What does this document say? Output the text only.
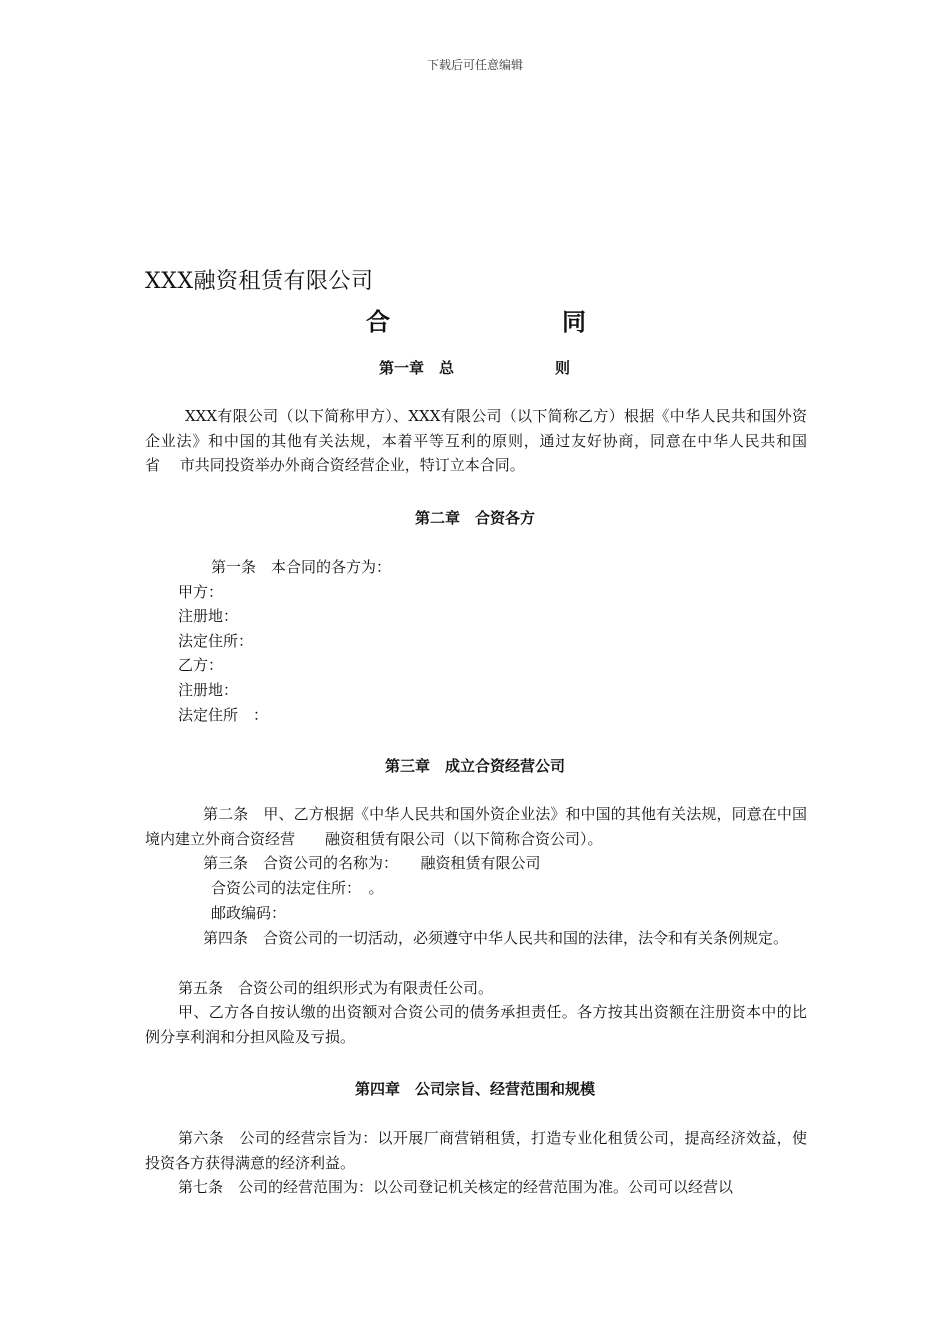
下载后可任意编辑
XXX融资租赁有限公司
合	同
第一章　总	则
XXX有限公司（以下简称甲方）、XXX有限公司（以下简称乙方）根据《中华人民共和国外资企业法》和中国的其他有关法规，本着平等互利的原则，通过友好协商，同意在中华人民共和国　　省　 市共同投资举办外商合资经营企业，特订立本合同。
第二章　合资各方
第一条　本合同的各方为：
甲方：
注册地：
法定住所：
乙方：
注册地：
法定住所　：
第三章　成立合资经营公司
第二条　甲、乙方根据《中华人民共和国外资企业法》和中国的其他有关法规，同意在中国境内建立外商合资经营　　融资租赁有限公司（以下简称合资公司）。
第三条　合资公司的名称为：　　融资租赁有限公司
合资公司的法定住所：　。
邮政编码：
第四条　合资公司的一切活动，必须遵守中华人民共和国的法律，法令和有关条例规定。
第五条　合资公司的组织形式为有限责任公司。
甲、乙方各自按认缴的出资额对合资公司的债务承担责任。各方按其出资额在注册资本中的比例分享利润和分担风险及亏损。
第四章　公司宗旨、经营范围和规模
第六条　公司的经营宗旨为：以开展厂商营销租赁，打造专业化租赁公司，提高经济效益，使投资各方获得满意的经济利益。
第七条　公司的经营范围为：以公司登记机关核定的经营范围为准。公司可以经营以
